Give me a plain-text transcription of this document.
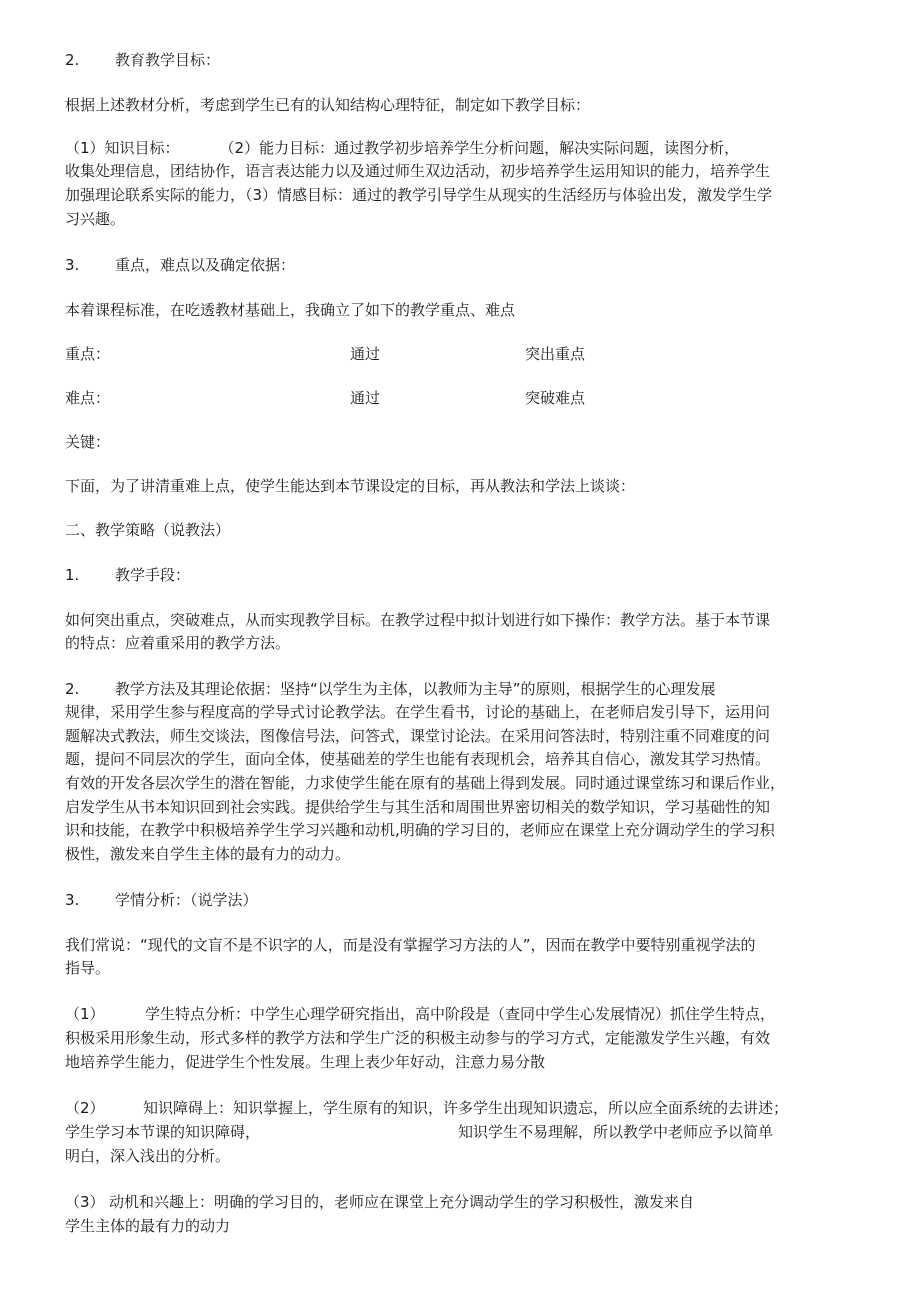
2. 教育教学目标：

根据上述教材分析，考虑到学生已有的认知结构心理特征，制定如下教学目标：

（1）知识目标：	（2）能力目标：通过教学初步培养学生分析问题，解决实际问题，读图分析，

收集处理信息，团结协作，语言表达能力以及通过师生双边活动，初步培养学生运用知识的能力，培养学生

加强理论联系实际的能力，（3）情感目标：通过的教学引导学生从现实的生活经历与体验出发，激发学生学

习兴趣。

3. 重点，难点以及确定依据：

本着课程标准，在吃透教材基础上，我确立了如下的教学重点、难点

重点：	通过	突出重点

难点：	通过	突破难点

关键：

下面，为了讲清重难上点，使学生能达到本节课设定的目标，再从教法和学法上谈谈：

二、教学策略（说教法）

1. 教学手段：

如何突出重点，突破难点，从而实现教学目标。在教学过程中拟计划进行如下操作：教学方法。基于本节课

的特点：应着重采用的教学方法。

2. 教学方法及其理论依据：坚持“以学生为主体，以教师为主导”的原则，根据学生的心理发展

规律，采用学生参与程度高的学导式讨论教学法。在学生看书，讨论的基础上，在老师启发引导下，运用问

题解决式教法，师生交谈法，图像信号法，问答式，课堂讨论法。在采用问答法时，特别注重不同难度的问

题，提问不同层次的学生，面向全体，使基础差的学生也能有表现机会，培养其自信心，激发其学习热情。

有效的开发各层次学生的潜在智能，力求使学生能在原有的基础上得到发展。同时通过课堂练习和课后作业，

启发学生从书本知识回到社会实践。提供给学生与其生活和周围世界密切相关的数学知识，学习基础性的知

识和技能，在教学中积极培养学生学习兴趣和动机,明确的学习目的，老师应在课堂上充分调动学生的学习积

极性，激发来自学生主体的最有力的动力。

3. 学情分析：（说学法）

我们常说：“现代的文盲不是不识字的人，而是没有掌握学习方法的人”，因而在教学中要特别重视学法的

指导。

（1）	学生特点分析：中学生心理学研究指出，高中阶段是（查同中学生心发展情况）抓住学生特点，

积极采用形象生动，形式多样的教学方法和学生广泛的积极主动参与的学习方式，定能激发学生兴趣，有效

地培养学生能力，促进学生个性发展。生理上表少年好动，注意力易分散

（2）	知识障碍上：知识掌握上，学生原有的知识，许多学生出现知识遗忘，所以应全面系统的去讲述；

学生学习本节课的知识障碍，	知识学生不易理解，所以教学中老师应予以简单

明白，深入浅出的分析。

（3） 动机和兴趣上：明确的学习目的，老师应在课堂上充分调动学生的学习积极性，激发来自

学生主体的最有力的动力
